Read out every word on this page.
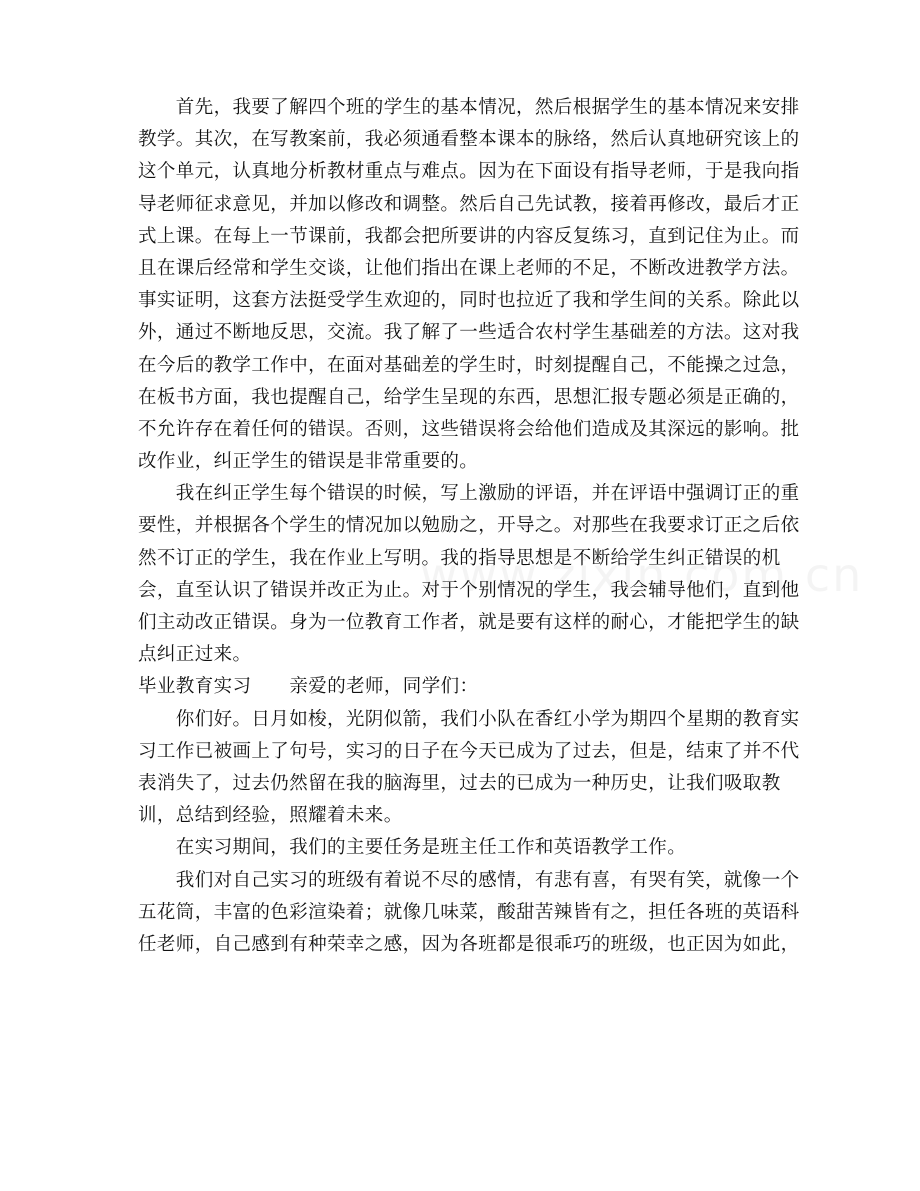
　　首先，我要了解四个班的学生的基本情况，然后根据学生的基本情况来安排
教学。其次，在写教案前，我必须通看整本课本的脉络，然后认真地研究该上的
这个单元，认真地分析教材重点与难点。因为在下面设有指导老师，于是我向指
导老师征求意见，并加以修改和调整。然后自己先试教，接着再修改，最后才正
式上课。在每上一节课前，我都会把所要讲的内容反复练习，直到记住为止。而
且在课后经常和学生交谈，让他们指出在课上老师的不足，不断改进教学方法。
事实证明，这套方法挺受学生欢迎的，同时也拉近了我和学生间的关系。除此以
外，通过不断地反思，交流。我了解了一些适合农村学生基础差的方法。这对我
在今后的教学工作中，在面对基础差的学生时，时刻提醒自己，不能操之过急，
在板书方面，我也提醒自己，给学生呈现的东西，思想汇报专题必须是正确的，
不允许存在着任何的错误。否则，这些错误将会给他们造成及其深远的影响。批
改作业，纠正学生的错误是非常重要的。
　　我在纠正学生每个错误的时候，写上激励的评语，并在评语中强调订正的重
要性，并根据各个学生的情况加以勉励之，开导之。对那些在我要求订正之后依
然不订正的学生，我在作业上写明。我的指导思想是不断给学生纠正错误的机
会，直至认识了错误并改正为止。对于个别情况的学生，我会辅导他们，直到他
们主动改正错误。身为一位教育工作者，就是要有这样的耐心，才能把学生的缺
点纠正过来。
毕业教育实习 亲爱的老师，同学们：
　　你们好。日月如梭，光阴似箭，我们小队在香红小学为期四个星期的教育实
习工作已被画上了句号，实习的日子在今天已成为了过去，但是，结束了并不代
表消失了，过去仍然留在我的脑海里，过去的已成为一种历史，让我们吸取教
训，总结到经验，照耀着未来。
　　在实习期间，我们的主要任务是班主任工作和英语教学工作。
　　我们对自己实习的班级有着说不尽的感情，有悲有喜，有哭有笑，就像一个
五花筒，丰富的色彩渲染着；就像几味菜，酸甜苦辣皆有之，担任各班的英语科
任老师，自己感到有种荣幸之感，因为各班都是很乖巧的班级，也正因为如此，
